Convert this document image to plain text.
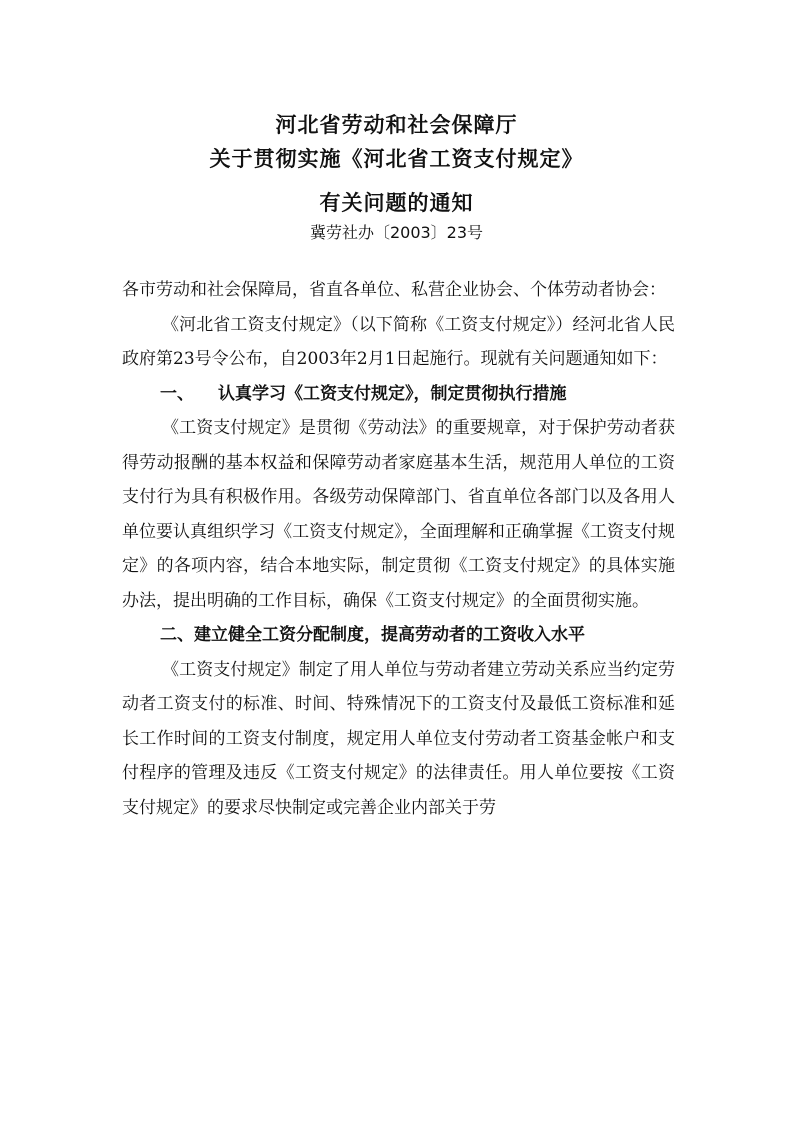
河北省劳动和社会保障厅
关于贯彻实施《河北省工资支付规定》
有关问题的通知
冀劳社办〔2003〕23号

各市劳动和社会保障局，省直各单位、私营企业协会、个体劳动者协会：

《河北省工资支付规定》（以下简称《工资支付规定》）经河北省人民政府第23号令公布，自2003年2月1日起施行。现就有关问题通知如下：

一、 认真学习《工资支付规定》，制定贯彻执行措施

《工资支付规定》是贯彻《劳动法》的重要规章，对于保护劳动者获得劳动报酬的基本权益和保障劳动者家庭基本生活，规范用人单位的工资支付行为具有积极作用。各级劳动保障部门、省直单位各部门以及各用人单位要认真组织学习《工资支付规定》，全面理解和正确掌握《工资支付规定》的各项内容，结合本地实际，制定贯彻《工资支付规定》的具体实施办法，提出明确的工作目标，确保《工资支付规定》的全面贯彻实施。

二、建立健全工资分配制度，提高劳动者的工资收入水平

《工资支付规定》制定了用人单位与劳动者建立劳动关系应当约定劳动者工资支付的标准、时间、特殊情况下的工资支付及最低工资标准和延长工作时间的工资支付制度，规定用人单位支付劳动者工资基金帐户和支付程序的管理及违反《工资支付规定》的法律责任。用人单位要按《工资支付规定》的要求尽快制定或完善企业内部关于劳
